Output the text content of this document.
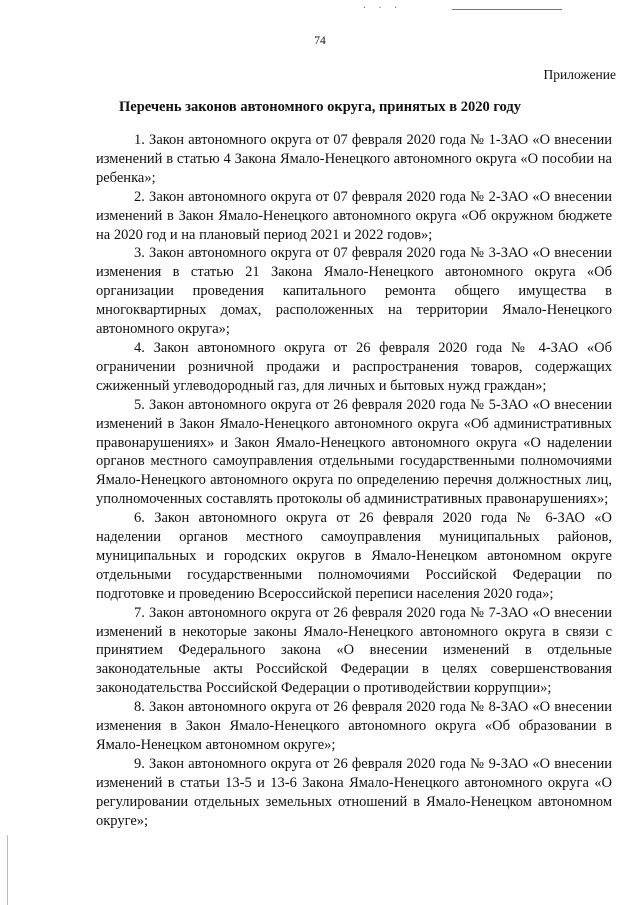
· · ·
74
Приложение
Перечень законов автономного округа, принятых в 2020 году

1. Закон автономного округа от 07 февраля 2020 года № 1-ЗАО «О внесении изменений в статью 4 Закона Ямало-Ненецкого автономного округа «О пособии на ребенка»;

2. Закон автономного округа от 07 февраля 2020 года № 2-ЗАО «О внесении изменений в Закон Ямало-Ненецкого автономного округа «Об окружном бюджете на 2020 год и на плановый период 2021 и 2022 годов»;

3. Закон автономного округа от 07 февраля 2020 года № 3-ЗАО «О внесении изменения в статью 21 Закона Ямало-Ненецкого автономного округа «Об организации проведения капитального ремонта общего имущества в многоквартирных домах, расположенных на территории Ямало-Ненецкого автономного округа»;

4. Закон автономного округа от 26 февраля 2020 года № 4-ЗАО «Об ограничении розничной продажи и распространения товаров, содержащих сжиженный углеводородный газ, для личных и бытовых нужд граждан»;

5. Закон автономного округа от 26 февраля 2020 года № 5-ЗАО «О внесении изменений в Закон Ямало-Ненецкого автономного округа «Об административных правонарушениях» и Закон Ямало-Ненецкого автономного округа «О наделении органов местного самоуправления отдельными государственными полномочиями Ямало-Ненецкого автономного округа по определению перечня должностных лиц, уполномоченных составлять протоколы об административных правонарушениях»;

6. Закон автономного округа от 26 февраля 2020 года № 6-ЗАО «О наделении органов местного самоуправления муниципальных районов, муниципальных и городских округов в Ямало-Ненецком автономном округе отдельными государственными полномочиями Российской Федерации по подготовке и проведению Всероссийской переписи населения 2020 года»;

7. Закон автономного округа от 26 февраля 2020 года № 7-ЗАО «О внесении изменений в некоторые законы Ямало-Ненецкого автономного округа в связи с принятием Федерального закона «О внесении изменений в отдельные законодательные акты Российской Федерации в целях совершенствования законодательства Российской Федерации о противодействии коррупции»;

8. Закон автономного округа от 26 февраля 2020 года № 8-ЗАО «О внесении изменения в Закон Ямало-Ненецкого автономного округа «Об образовании в Ямало-Ненецком автономном округе»;

9. Закон автономного округа от 26 февраля 2020 года № 9-ЗАО «О внесении изменений в статьи 13-5 и 13-6 Закона Ямало-Ненецкого автономного округа «О регулировании отдельных земельных отношений в Ямало-Ненецком автономном округе»;
